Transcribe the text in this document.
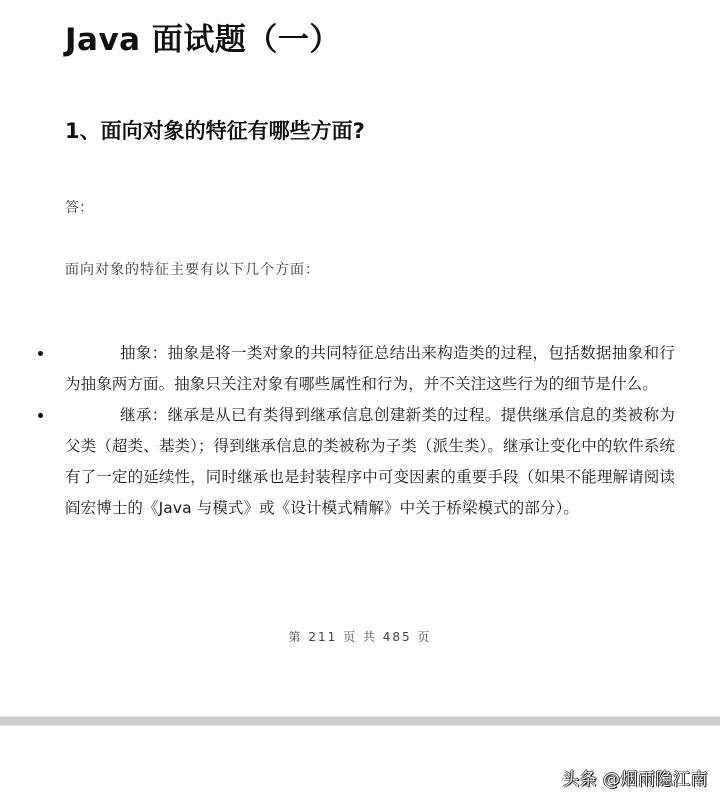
Java 面试题（一）
1、面向对象的特征有哪些方面?
答：
面向对象的特征主要有以下几个方面：
抽象：抽象是将一类对象的共同特征总结出来构造类的过程，包括数据抽象和行为抽象两方面。抽象只关注对象有哪些属性和行为，并不关注这些行为的细节是什么。
继承：继承是从已有类得到继承信息创建新类的过程。提供继承信息的类被称为父类（超类、基类）；得到继承信息的类被称为子类（派生类）。继承让变化中的软件系统有了一定的延续性，同时继承也是封装程序中可变因素的重要手段（如果不能理解请阅读阎宏博士的《Java 与模式》或《设计模式精解》中关于桥梁模式的部分）。
第 211 页 共 485 页
头条 @烟雨隐江南
